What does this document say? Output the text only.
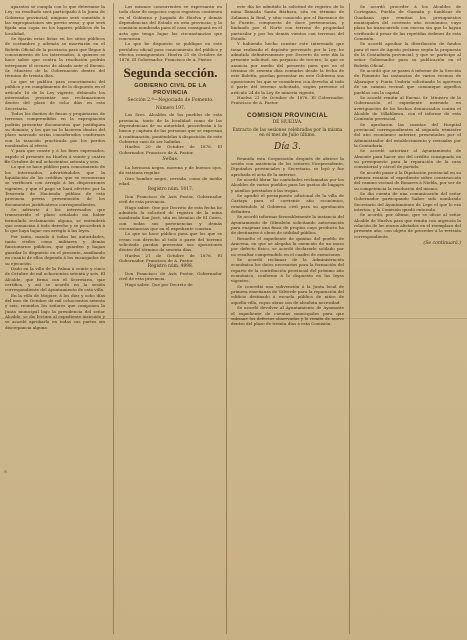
aparatos se cumpla con lo que determine la Ley; su resultado será participado á la Junta de Gobierno provincial; ninguno será sometido á las expropiaciones sin previo aviso; y que será fijada una copia en los lugares públicos de la localidad.

Se fijarán estas listas en los sitios públicos de costumbre y además se insertarán en el Boletín Oficial de la provincia para que llegue á conocimiento de los interesados, á quienes se hace saber que contra la resolución podrán interponer el recurso de alzada ante el Excmo. Sr. Ministro de la Gobernación dentro del término de treinta días.

Lo que se publica para conocimiento del público y en cumplimiento de lo dispuesto en el artículo 16 de la Ley vigente, debiendo los interesados presentar sus reclamaciones dentro del plazo de ocho días en esta Secretaría.

Todos los dueños de fincas y propietarios de terrenos comprendidos en la expropiación podrán presentar documentos que justifiquen su dominio; y los que no lo hicieren dentro del plazo marcado serán considerados conformes con la tasación practicada por los peritos nombrados al efecto.

Y para que conste y á los fines expresados, expido el presente en Huelva á veinte y cuatro de Octubre de mil ochocientos setenta y seis.

Lo que se hace público para conocimiento de los interesados, advirtiéndoles que la liquidación de los créditos que se reconozcan se verificará con arreglo á las disposiciones vigentes, y que el pago se hará efectivo por la Tesorería de Hacienda pública de esta provincia previa presentación de los documentos justificativos correspondientes.

Se advierte á los interesados que transcurrido el plazo señalado sin haber formulado reclamación alguna, se entenderá que renuncian á todo derecho y se procederá á lo que haya lugar con arreglo á las leyes.

Por tanto, mando á todas las autoridades, tanto civiles como militares y demás funcionarios públicos, que guarden y hagan guardar lo dispuesto en el presente, auxiliando en cuanto de ellos dependa á los encargados de su ejecución.

Dado en la villa de la Palma á veinte y cinco de Octubre de mil ochocientos setenta y seis. El Alcalde, que firma con el Secretario, que certifica, y así se acordó en la sesión correspondiente del Ayuntamiento de esta villa.

En la villa de Moguer, á los diez y ocho días del mes de Octubre de mil ochocientos setenta y seis, reunidos los señores que componen la Junta municipal bajo la presidencia del señor Alcalde, se dio lectura al expediente instruido y se acordó aprobarlo en todas sus partes sin discrepancia alguna.

Los mismos concurrentes se expresarán en toda clase de negocios cuyos registros contienen en el Gobierno y Juzgado de Huelva y demás dependencias del Estado en esta provincia; y la comisión nombrada para el caso consignará en el acta que tenga lugar las circunstancias que concurran.

Lo que he dispuesto se publique en este periódico oficial para conocimiento del público y efectos consiguientes. Huelva 21 de Octubre de 1876. El Gobernador, Francisco de A. Pastor.

Segunda sección.
GOBIERNO CIVIL DE LA PROVINCIA
Sección 2.ª—Negociado de Fomento.
Número 197.

Los Sres. Alcaldes de los pueblos de esta provincia, tanto de la localidad como de las dependencias de su autoridad, procederán á la busca y captura de las personas que se expresan á continuación, poniéndolas á disposición de este Gobierno caso de ser habidas.

Huelva 20 de Octubre de 1876. El Gobernador, Francisco de A. Pastor.

Señas.

La hermosa negra, morena y de buenos ojos, de estatura regular.

Otro hombre negro, cerrada, como de media edad.

Registro núm. 1017.

Don Francisco de Asís Pastor, Gobernador civil de esta provincia.

Hago saber: Que por Decreto de esta fecha he admitido la solicitud de registro de la mina nombrada San José, sita en término de El Cerro, con todas sus pertenencias y demás circunstancias que en el expediente constan.

Lo que se hace público para que los que se crean con derecho al todo ó parte del terreno solicitado puedan presentar sus oposiciones dentro del término de sesenta días.

Huelva 21 de Octubre de 1876. El Gobernador, Francisco de A. Pastor.

Registro núm. 4998.

Don Francisco de Asís Pastor, Gobernador civil de esta provincia.

Hago saber: Que por Decreto de

este día he admitido la solicitud de registro de la mina llamada Santa Bárbara, sita en término de Zalamea la Real, y sitio conocido por el Barranco de la Fuente, compuesta de doce pertenencias, y lindando por el Norte con terreno de propiedad particular y por los demás vientos con terrenos del Estado.

Y habiendo hecho constar este interesado que tiene realizado el depósito prevenido por la Ley, he admitido definitivamente por Decreto de este día la presente solicitud, sin perjuicio de tercero; lo que se anuncia por medio del presente para que en el término de sesenta días contados desde la fecha de este Boletín, puedan presentar en este Gobierno sus oposiciones los que se consideren con derecho al todo ó parte del terreno solicitado, según previene el artículo 24 de la Ley de minería vigente.

Huelva 21 de Octubre de 1876. El Gobernador, Francisco de A. Pastor.

COMISION PROVINCIAL
DE HUELVA.
Extracto de las sesiones celebradas por la misma en el mes de Julio último.
Día 3.

Reunida esta Corporación después de abrirse la sesión con asistencia de los señores Vicepresidente, Diputados provinciales y Secretario, se leyó y fue aprobada el acta de la anterior.

Se acordó librar las cantidades reclamadas por los Alcaldes de varios pueblos para los gastos de bagajes y auxilios prestados á las tropas.

Se aprobó el presupuesto adicional de la villa de Cartaya para el corriente año económico, remitiéndolo al Gobierno civil para su aprobación definitiva.

Se acordó informar favorablemente la instancia del Ayuntamiento de Gibraleón solicitando autorización para enajenar una finca de propios cuyo producto ha de destinarse á obras de utilidad pública.

Resuelto el expediente de quintas del pueblo de Aracena, en que se alegaba la exención de un mozo por defecto físico, se acordó declararle soldado por no resultar comprendido en el cuadro de exenciones.

Se acordó reclamar de la Administración económica los datos necesarios para la formación del reparto de la contribución provincial del próximo año económico, conforme á lo dispuesto en las leyes vigentes.

Se concedió una subvención á la Junta local de primera enseñanza de Valverde para la reparación del edificio destinado á escuela pública de niños de aquella villa, cuyas obras son de absoluta necesidad.

Se acordó devolver al Ayuntamiento de Ayamonte el expediente de cuentas municipales para que subsane los defectos observados y lo remita de nuevo dentro del plazo de treinta días á esta Comisión.

Se acordó proceder á los Alcaldes de Cortegana, Puebla de Guzmán y Sanlúcar de Guadiana que remitan los presupuestos municipales del corriente año económico, cuyo plazo ha transcurrido con exceso sin que lo hayan verificado á pesar de las repetidas órdenes de esta Comisión.

Se acordó aprobar la distribución de fondos para el mes de Agosto próximo según la propuesta de la Contaduría provincial, y que se participe al señor Gobernador para su publicación en el Boletín Oficial.

Se acordó que se pasen á informe de la Sección de Fomento las instancias de varios vecinos de Aljaraque y Punta Umbría solicitando la apertura de un camino vecinal que comunique aquellos pueblos con la capital.

Se acordó remitir al Excmo. Sr. Ministro de la Gobernación el expediente instruido en averiguación de los hechos denunciados contra el Alcalde de Villablanca, con el informe de esta Comisión provincial.

Se aprobaron las cuentas del Hospital provincial correspondientes al segundo trimestre del año económico anterior, presentadas por el Administrador del establecimiento y revisadas por la Contaduría.

Se acordó autorizar al Ayuntamiento de Almonte para hacer uso del crédito consignado en su presupuesto para la reparación de la casa consistorial y cárcel de partido.

Se acordó pasar á la Diputación provincial en su primera reunión el expediente sobre construcción del camino vecinal de Bonares á Niebla, por ser de su competencia la resolución del mismo.

Se dio cuenta de una comunicación del señor Gobernador participando haber sido nombrado Secretario del Ayuntamiento de Lepe el que lo era interino, y la Comisión quedó enterada.

Se acordó, por último, que se oficie al señor Alcalde de Huelva para que remita con urgencia la relación de los mozos alistados en el reemplazo del presente año, con objeto de proceder á la revisión correspondiente.

(Se continuará.)
